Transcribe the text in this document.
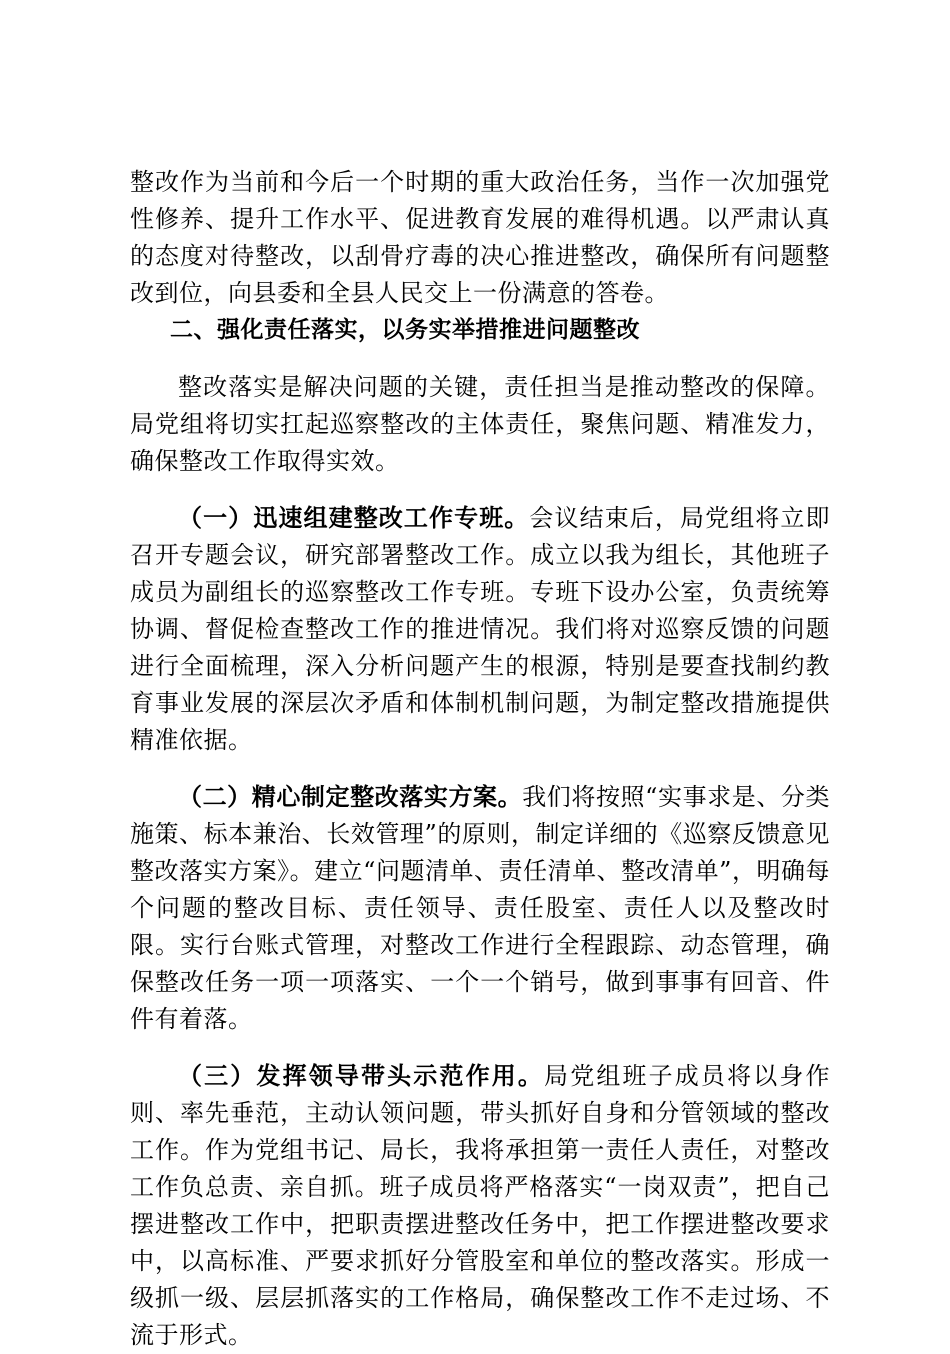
整改作为当前和今后一个时期的重大政治任务，当作一次加强党性修养、提升工作水平、促进教育发展的难得机遇。以严肃认真的态度对待整改，以刮骨疗毒的决心推进整改，确保所有问题整改到位，向县委和全县人民交上一份满意的答卷。

二、强化责任落实，以务实举措推进问题整改

整改落实是解决问题的关键，责任担当是推动整改的保障。局党组将切实扛起巡察整改的主体责任，聚焦问题、精准发力，确保整改工作取得实效。

（一）迅速组建整改工作专班。会议结束后，局党组将立即召开专题会议，研究部署整改工作。成立以我为组长，其他班子成员为副组长的巡察整改工作专班。专班下设办公室，负责统筹协调、督促检查整改工作的推进情况。我们将对巡察反馈的问题进行全面梳理，深入分析问题产生的根源，特别是要查找制约教育事业发展的深层次矛盾和体制机制问题，为制定整改措施提供精准依据。

（二）精心制定整改落实方案。我们将按照“实事求是、分类施策、标本兼治、长效管理”的原则，制定详细的《巡察反馈意见整改落实方案》。建立“问题清单、责任清单、整改清单”，明确每个问题的整改目标、责任领导、责任股室、责任人以及整改时限。实行台账式管理，对整改工作进行全程跟踪、动态管理，确保整改任务一项一项落实、一个一个销号，做到事事有回音、件件有着落。

（三）发挥领导带头示范作用。局党组班子成员将以身作则、率先垂范，主动认领问题，带头抓好自身和分管领域的整改工作。作为党组书记、局长，我将承担第一责任人责任，对整改工作负总责、亲自抓。班子成员将严格落实“一岗双责”，把自己摆进整改工作中，把职责摆进整改任务中，把工作摆进整改要求中，以高标准、严要求抓好分管股室和单位的整改落实。形成一级抓一级、层层抓落实的工作格局，确保整改工作不走过场、不流于形式。
